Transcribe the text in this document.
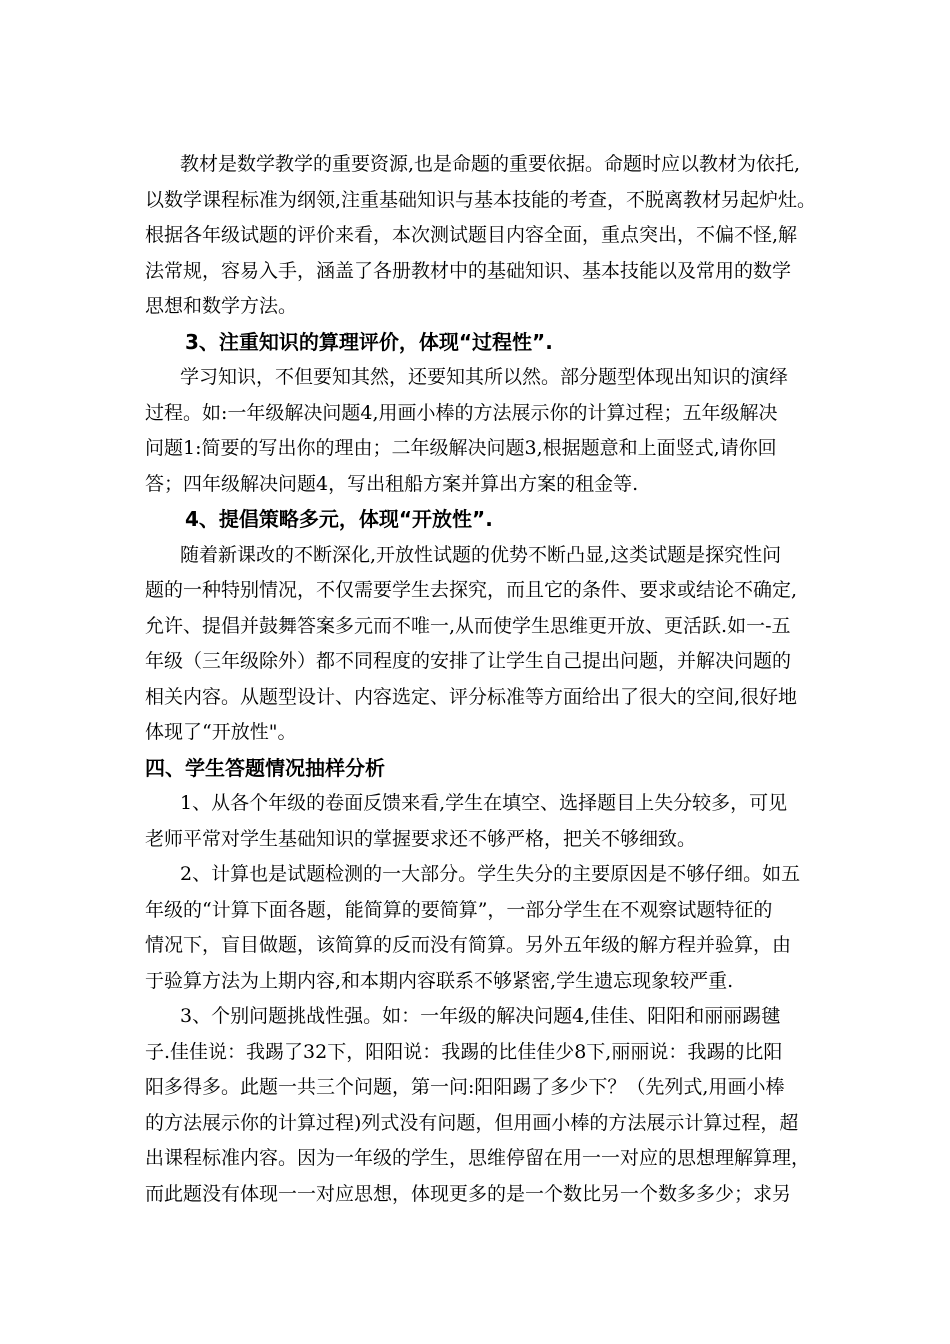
教材是数学教学的重要资源,也是命题的重要依据。命题时应以教材为依托,
以数学课程标准为纲领,注重基础知识与基本技能的考查，不脱离教材另起炉灶。
根据各年级试题的评价来看，本次测试题目内容全面，重点突出，不偏不怪,解
法常规，容易入手，涵盖了各册教材中的基础知识、基本技能以及常用的数学
思想和数学方法。
3、注重知识的算理评价，体现“过程性”.
学习知识，不但要知其然，还要知其所以然。部分题型体现出知识的演绎
过程。如:一年级解决问题4,用画小棒的方法展示你的计算过程；五年级解决
问题1:简要的写出你的理由；二年级解决问题3,根据题意和上面竖式,请你回
答；四年级解决问题4，写出租船方案并算出方案的租金等.
4、提倡策略多元，体现“开放性”.
随着新课改的不断深化,开放性试题的优势不断凸显,这类试题是探究性问
题的一种特别情况，不仅需要学生去探究，而且它的条件、要求或结论不确定,
允许、提倡并鼓舞答案多元而不唯一,从而使学生思维更开放、更活跃.如一-五
年级（三年级除外）都不同程度的安排了让学生自己提出问题，并解决问题的
相关内容。从题型设计、内容选定、评分标准等方面给出了很大的空间,很好地
体现了“开放性"。
四、学生答题情况抽样分析
1、从各个年级的卷面反馈来看,学生在填空、选择题目上失分较多，可见
老师平常对学生基础知识的掌握要求还不够严格，把关不够细致。
2、计算也是试题检测的一大部分。学生失分的主要原因是不够仔细。如五
年级的“计算下面各题，能简算的要简算”，一部分学生在不观察试题特征的
情况下，盲目做题，该简算的反而没有简算。另外五年级的解方程并验算，由
于验算方法为上期内容,和本期内容联系不够紧密,学生遗忘现象较严重.
3、个别问题挑战性强。如：一年级的解决问题4,佳佳、阳阳和丽丽踢毽
子.佳佳说：我踢了32下，阳阳说：我踢的比佳佳少8下,丽丽说：我踢的比阳
阳多得多。此题一共三个问题，第一问:阳阳踢了多少下？（先列式,用画小棒
的方法展示你的计算过程)列式没有问题，但用画小棒的方法展示计算过程，超
出课程标准内容。因为一年级的学生，思维停留在用一一对应的思想理解算理，
而此题没有体现一一对应思想，体现更多的是一个数比另一个数多多少；求另
